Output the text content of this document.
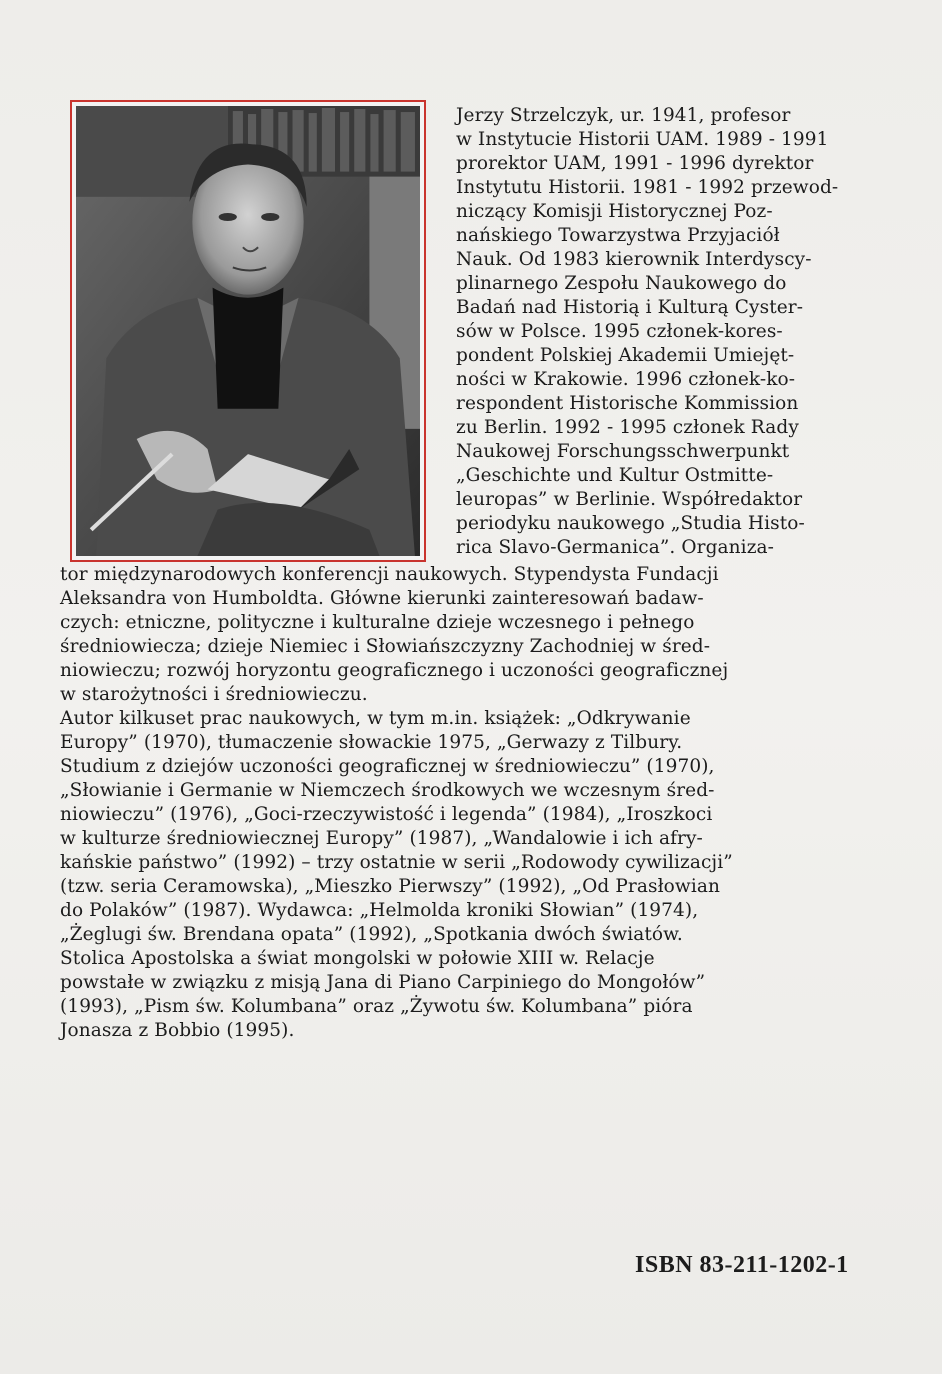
Jerzy Strzelczyk, ur. 1941, profesor

w Instytucie Historii UAM. 1989 - 1991

prorektor UAM, 1991 - 1996 dyrektor

Instytutu Historii. 1981 - 1992 przewod-

niczący Komisji Historycznej Poz-

nańskiego Towarzystwa Przyjaciół

Nauk. Od 1983 kierownik Interdyscy-

plinarnego Zespołu Naukowego do

Badań nad Historią i Kulturą Cyster-

sów w Polsce. 1995 członek-kores-

pondent Polskiej Akademii Umiejęt-

ności w Krakowie. 1996 członek-ko-

respondent Historische Kommission

zu Berlin. 1992 - 1995 członek Rady

Naukowej Forschungsschwerpunkt

„Geschichte und Kultur Ostmitte-

leuropas” w Berlinie. Współredaktor

periodyku naukowego „Studia Histo-

rica Slavo-Germanica”. Organiza-

tor międzynarodowych konferencji naukowych. Stypendysta Fundacji

Aleksandra von Humboldta. Główne kierunki zainteresowań badaw-

czych: etniczne, polityczne i kulturalne dzieje wczesnego i pełnego

średniowiecza; dzieje Niemiec i Słowiańszczyzny Zachodniej w śred-

niowieczu; rozwój horyzontu geograficznego i uczoności geograficznej

w starożytności i średniowieczu.

Autor kilkuset prac naukowych, w tym m.in. książek: „Odkrywanie

Europy” (1970), tłumaczenie słowackie 1975, „Gerwazy z Tilbury.

Studium z dziejów uczoności geograficznej w średniowieczu” (1970),

„Słowianie i Germanie w Niemczech środkowych we wczesnym śred-

niowieczu” (1976), „Goci-rzeczywistość i legenda” (1984), „Iroszkoci

w kulturze średniowiecznej Europy” (1987), „Wandalowie i ich afry-

kańskie państwo” (1992) – trzy ostatnie w serii „Rodowody cywilizacji”

(tzw. seria Ceramowska), „Mieszko Pierwszy” (1992), „Od Prasłowian

do Polaków” (1987). Wydawca: „Helmolda kroniki Słowian” (1974),

„Żeglugi św. Brendana opata” (1992), „Spotkania dwóch światów.

Stolica Apostolska a świat mongolski w połowie XIII w. Relacje

powstałe w związku z misją Jana di Piano Carpiniego do Mongołów”

(1993), „Pism św. Kolumbana” oraz „Żywotu św. Kolumbana” pióra

Jonasza z Bobbio (1995).

ISBN 83-211-1202-1
